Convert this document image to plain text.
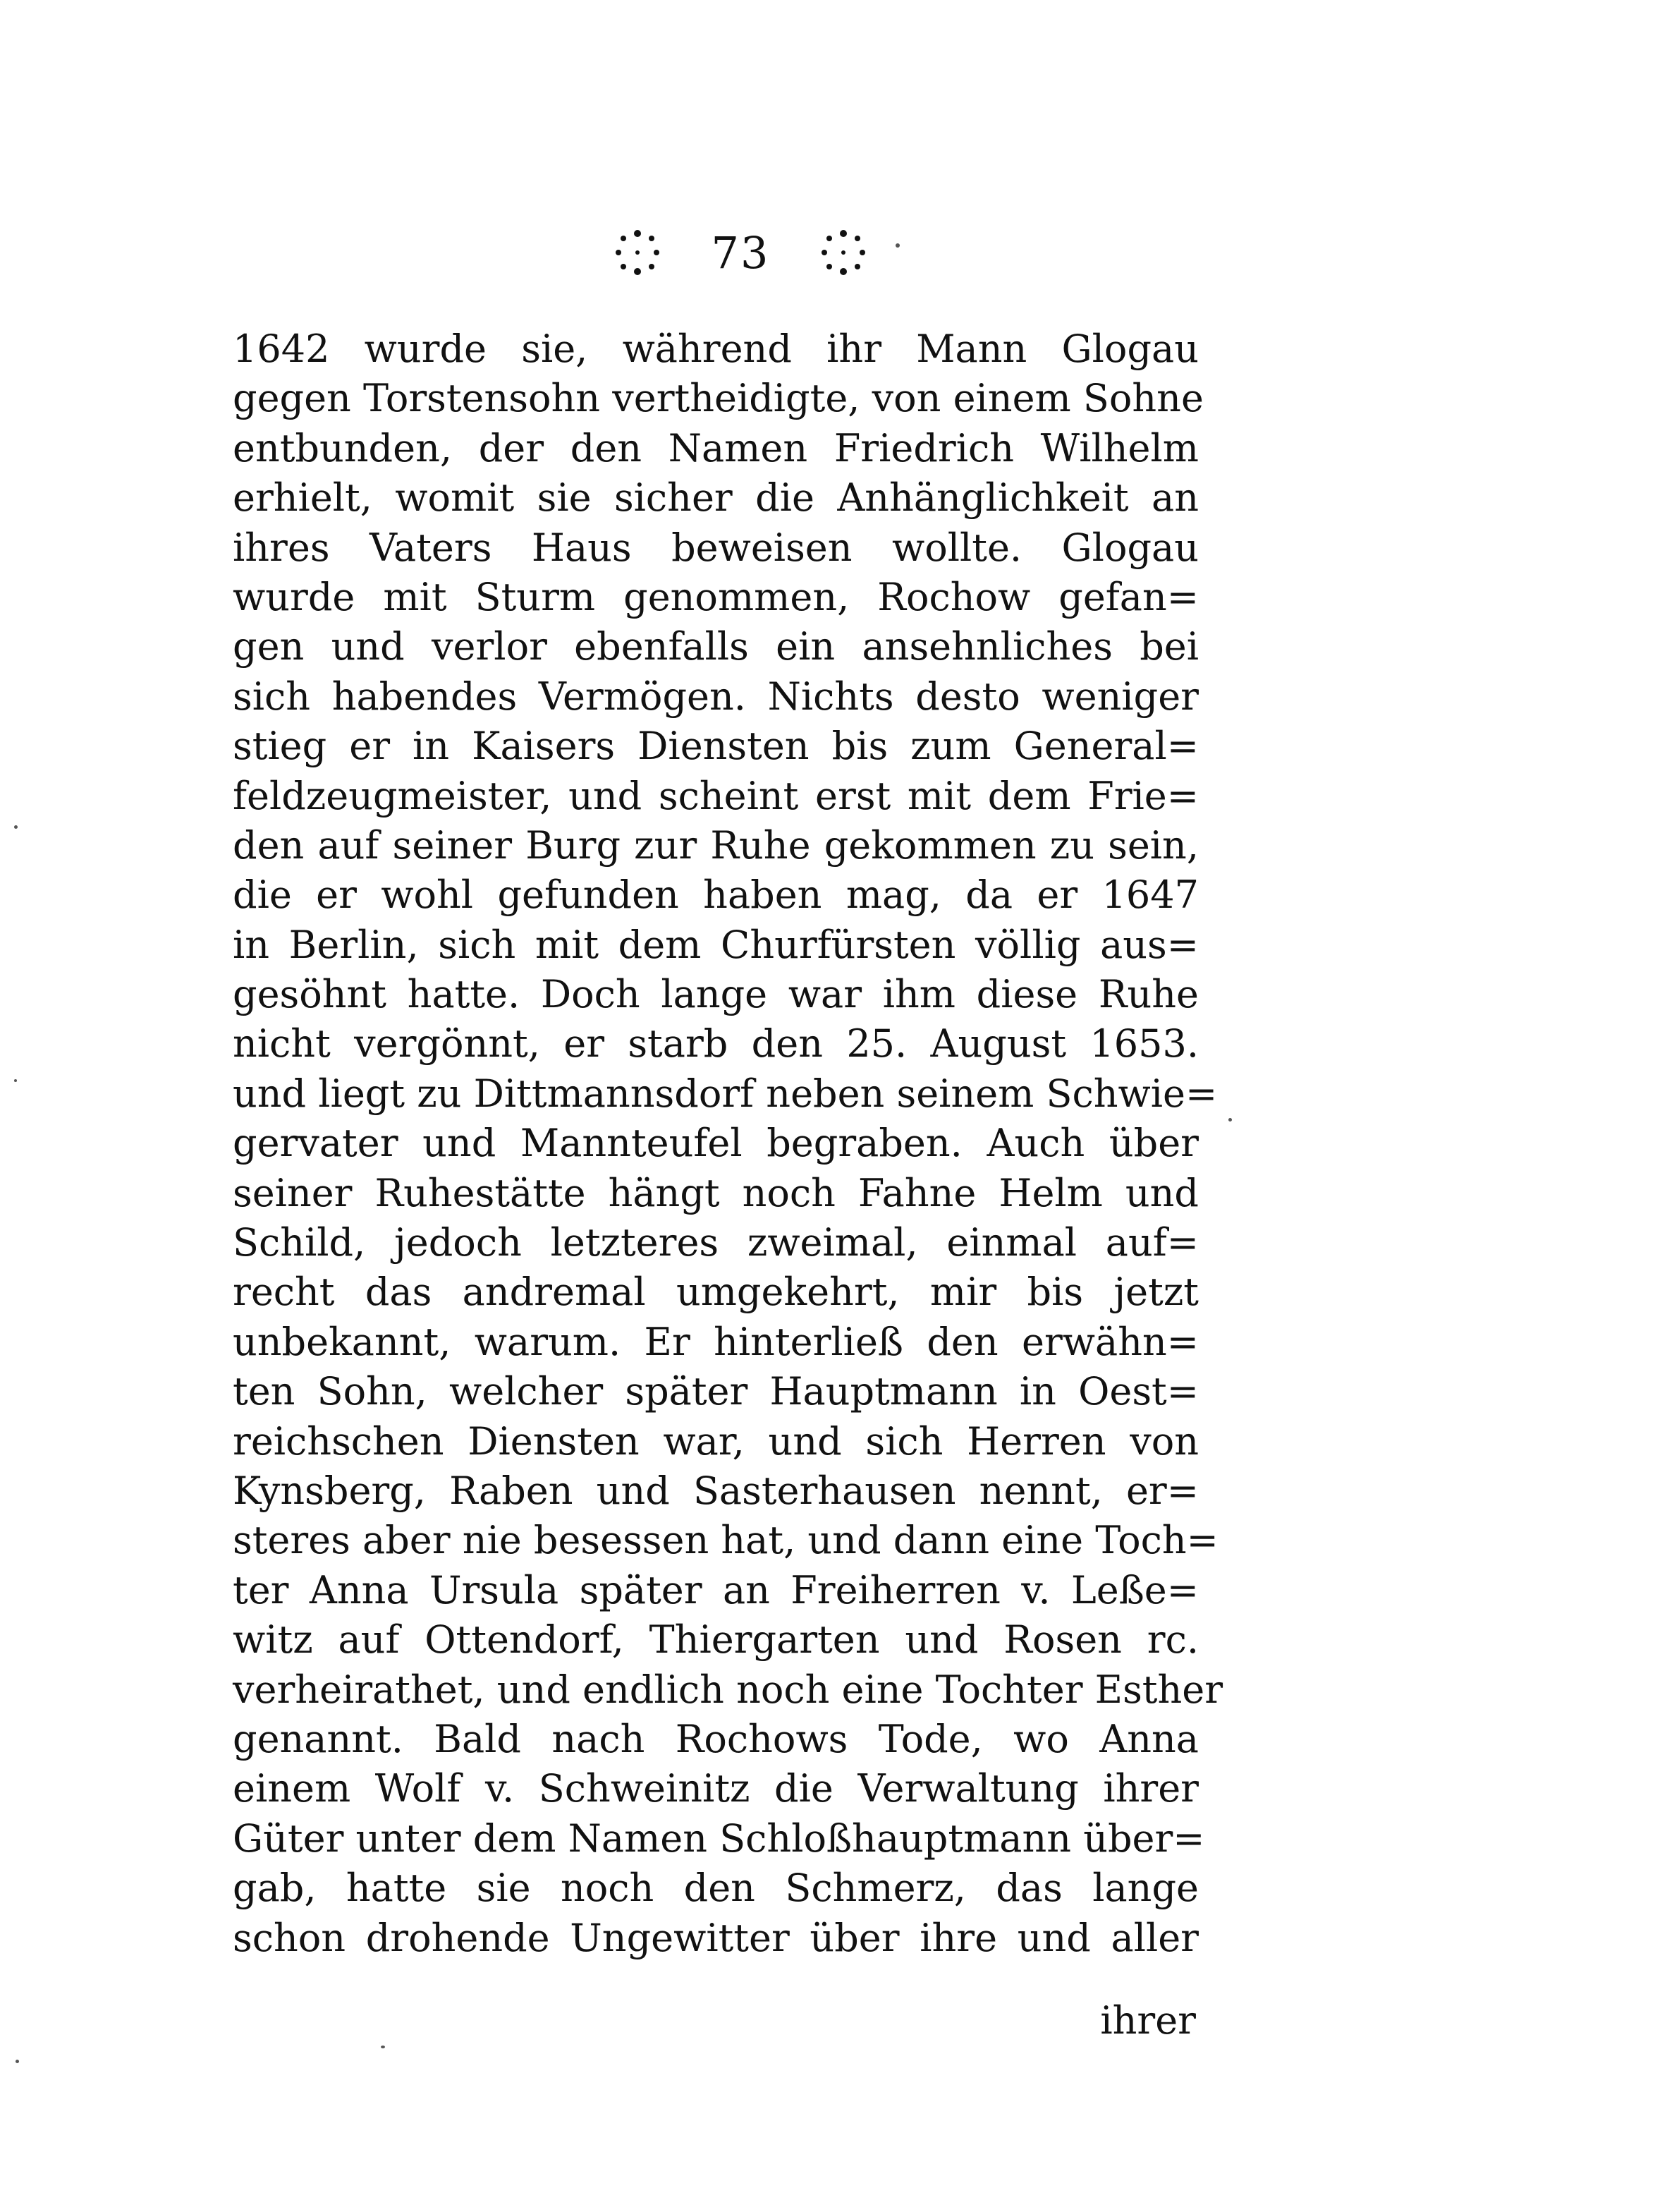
73
1642 wurde sie, während ihr Mann Glogau
gegen Torstensohn vertheidigte, von einem Sohne
entbunden, der den Namen Friedrich Wilhelm
erhielt, womit sie sicher die Anhänglichkeit an
ihres Vaters Haus beweisen wollte. Glogau
wurde mit Sturm genommen, Rochow gefan=
gen und verlor ebenfalls ein ansehnliches bei
sich habendes Vermögen. Nichts desto weniger
stieg er in Kaisers Diensten bis zum General=
feldzeugmeister, und scheint erst mit dem Frie=
den auf seiner Burg zur Ruhe gekommen zu sein,
die er wohl gefunden haben mag, da er 1647
in Berlin, sich mit dem Churfürsten völlig aus=
gesöhnt hatte. Doch lange war ihm diese Ruhe
nicht vergönnt, er starb den 25. August 1653.
und liegt zu Dittmannsdorf neben seinem Schwie=
gervater und Mannteufel begraben. Auch über
seiner Ruhestätte hängt noch Fahne Helm und
Schild, jedoch letzteres zweimal, einmal auf=
recht das andremal umgekehrt, mir bis jetzt
unbekannt, warum. Er hinterließ den erwähn=
ten Sohn, welcher später Hauptmann in Oest=
reichschen Diensten war, und sich Herren von
Kynsberg, Raben und Sasterhausen nennt, er=
steres aber nie besessen hat, und dann eine Toch=
ter Anna Ursula später an Freiherren v. Leße=
witz auf Ottendorf, Thiergarten und Rosen rc.
verheirathet, und endlich noch eine Tochter Esther
genannt. Bald nach Rochows Tode, wo Anna
einem Wolf v. Schweinitz die Verwaltung ihrer
Güter unter dem Namen Schloßhauptmann über=
gab, hatte sie noch den Schmerz, das lange
schon drohende Ungewitter über ihre und aller
ihrer
